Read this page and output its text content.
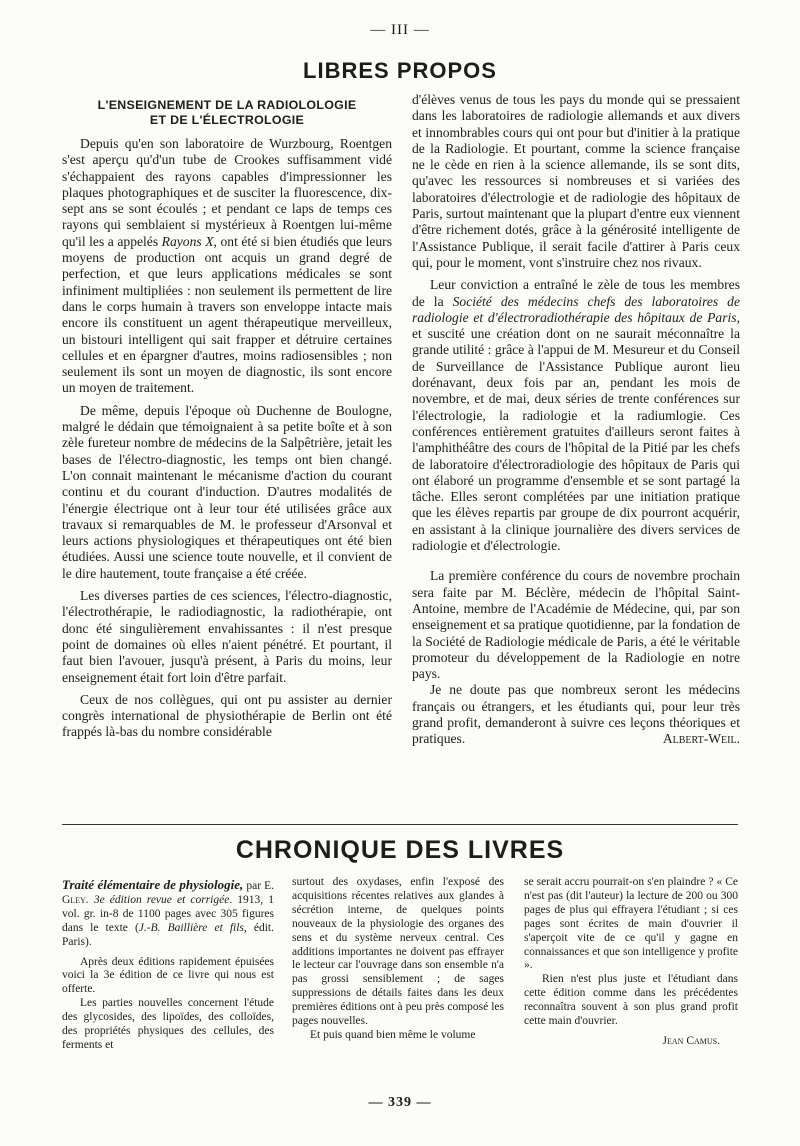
— III —
LIBRES PROPOS
L'ENSEIGNEMENT DE LA RADIOLOLOGIE
ET DE L'ÉLECTROLOGIE

Depuis qu'en son laboratoire de Wurzbourg, Roentgen s'est aperçu qu'd'un tube de Crookes suffisamment vidé s'échappaient des rayons capables d'impressionner les plaques photographiques et de susciter la fluorescence, dix-sept ans se sont écoulés ; et pendant ce laps de temps ces rayons qui semblaient si mystérieux à Roentgen lui-même qu'il les a appelés Rayons X, ont été si bien étudiés que leurs moyens de production ont acquis un grand degré de perfection, et que leurs applications médicales se sont infiniment multipliées : non seulement ils permettent de lire dans le corps humain à travers son enveloppe intacte mais encore ils constituent un agent thérapeutique merveilleux, un bistouri intelligent qui sait frapper et détruire certaines cellules et en épargner d'autres, moins radiosensibles ; non seulement ils sont un moyen de diagnostic, ils sont encore un moyen de traitement.

De même, depuis l'époque où Duchenne de Boulogne, malgré le dédain que témoignaient à sa petite boîte et à son zèle fureteur nombre de médecins de la Salpêtrière, jetait les bases de l'électro-diagnostic, les temps ont bien changé. L'on connait maintenant le mécanisme d'action du courant continu et du courant d'induction. D'autres modalités de l'énergie électrique ont à leur tour été utilisées grâce aux travaux si remarquables de M. le professeur d'Arsonval et leurs actions physiologiques et thérapeutiques ont été bien étudiées. Aussi une science toute nouvelle, et il convient de le dire hautement, toute française a été créée.

Les diverses parties de ces sciences, l'électro-diagnostic, l'électrothérapie, le radiodiagnostic, la radiothérapie, ont donc été singulièrement envahissantes : il n'est presque point de domaines où elles n'aient pénétré. Et pourtant, il faut bien l'avouer, jusqu'à présent, à Paris du moins, leur enseignement était fort loin d'être parfait.

Ceux de nos collègues, qui ont pu assister au dernier congrès international de physiothérapie de Berlin ont été frappés là-bas du nombre considérable

d'élèves venus de tous les pays du monde qui se pressaient dans les laboratoires de radiologie allemands et aux divers et innombrables cours qui ont pour but d'initier à la pratique de la Radiologie. Et pourtant, comme la science française ne le cède en rien à la science allemande, ils se sont dits, qu'avec les ressources si nombreuses et si variées des laboratoires d'électrologie et de radiologie des hôpitaux de Paris, surtout maintenant que la plupart d'entre eux viennent d'être richement dotés, grâce à la générosité intelligente de l'Assistance Publique, il serait facile d'attirer à Paris ceux qui, pour le moment, vont s'instruire chez nos rivaux.

Leur conviction a entraîné le zèle de tous les membres de la Société des médecins chefs des laboratoires de radiologie et d'électroradiothérapie des hôpitaux de Paris, et suscité une création dont on ne saurait méconnaître la grande utilité : grâce à l'appui de M. Mesureur et du Conseil de Surveillance de l'Assistance Publique auront lieu dorénavant, deux fois par an, pendant les mois de novembre, et de mai, deux séries de trente conférences sur l'électrologie, la radiologie et la radiumlogie. Ces conférences entièrement gratuites d'ailleurs seront faites à l'amphithéâtre des cours de l'hôpital de la Pitié par les chefs de laboratoire d'électroradiologie des hôpitaux de Paris qui ont élaboré un programme d'ensemble et se sont partagé la tâche. Elles seront complétées par une initiation pratique que les élèves repartis par groupe de dix pourront acquérir, en assistant à la clinique journalière des divers services de radiologie et d'électrologie.

La première conférence du cours de novembre prochain sera faite par M. Béclère, médecin de l'hôpital Saint-Antoine, membre de l'Académie de Médecine, qui, par son enseignement et sa pratique quotidienne, par la fondation de la Société de Radiologie médicale de Paris, a été le véritable promoteur du développement de la Radiologie en notre pays.

Je ne doute pas que nombreux seront les médecins français ou étrangers, et les étudiants qui, pour leur très grand profit, demanderont à suivre ces leçons théoriques et pratiques.	Albert-Weil.

CHRONIQUE DES LIVRES

Traité élémentaire de physiologie, par E. Gley. 3e édition revue et corrigée. 1913, 1 vol. gr. in-8 de 1100 pages avec 305 figures dans le texte (J.-B. Baillière et fils, édit. Paris).

Après deux éditions rapidement épuisées voici la 3e édition de ce livre qui nous est offerte.

Les parties nouvelles concernent l'étude des glycosides, des lipoïdes, des colloïdes, des propriétés physiques des cellules, des ferments et

surtout des oxydases, enfin l'exposé des acquisitions récentes relatives aux glandes à sécrétion interne, de quelques points nouveaux de la physiologie des organes des sens et du système nerveux central. Ces additions importantes ne doivent pas effrayer le lecteur car l'ouvrage dans son ensemble n'a pas grossi sensiblement ; de sages suppressions de détails faites dans les deux premières éditions ont à peu près composé les pages nouvelles.

Et puis quand bien même le volume

se serait accru pourrait-on s'en plaindre ? « Ce n'est pas (dit l'auteur) la lecture de 200 ou 300 pages de plus qui effrayera l'étudiant ; si ces pages sont écrites de main d'ouvrier il s'aperçoit vite de ce qu'il y gagne en connaissances et que son intelligence y profite ».

Rien n'est plus juste et l'étudiant dans cette édition comme dans les précédentes reconnaîtra souvent à son plus grand profit cette main d'ouvrier.

Jean Camus.
— 339 —
